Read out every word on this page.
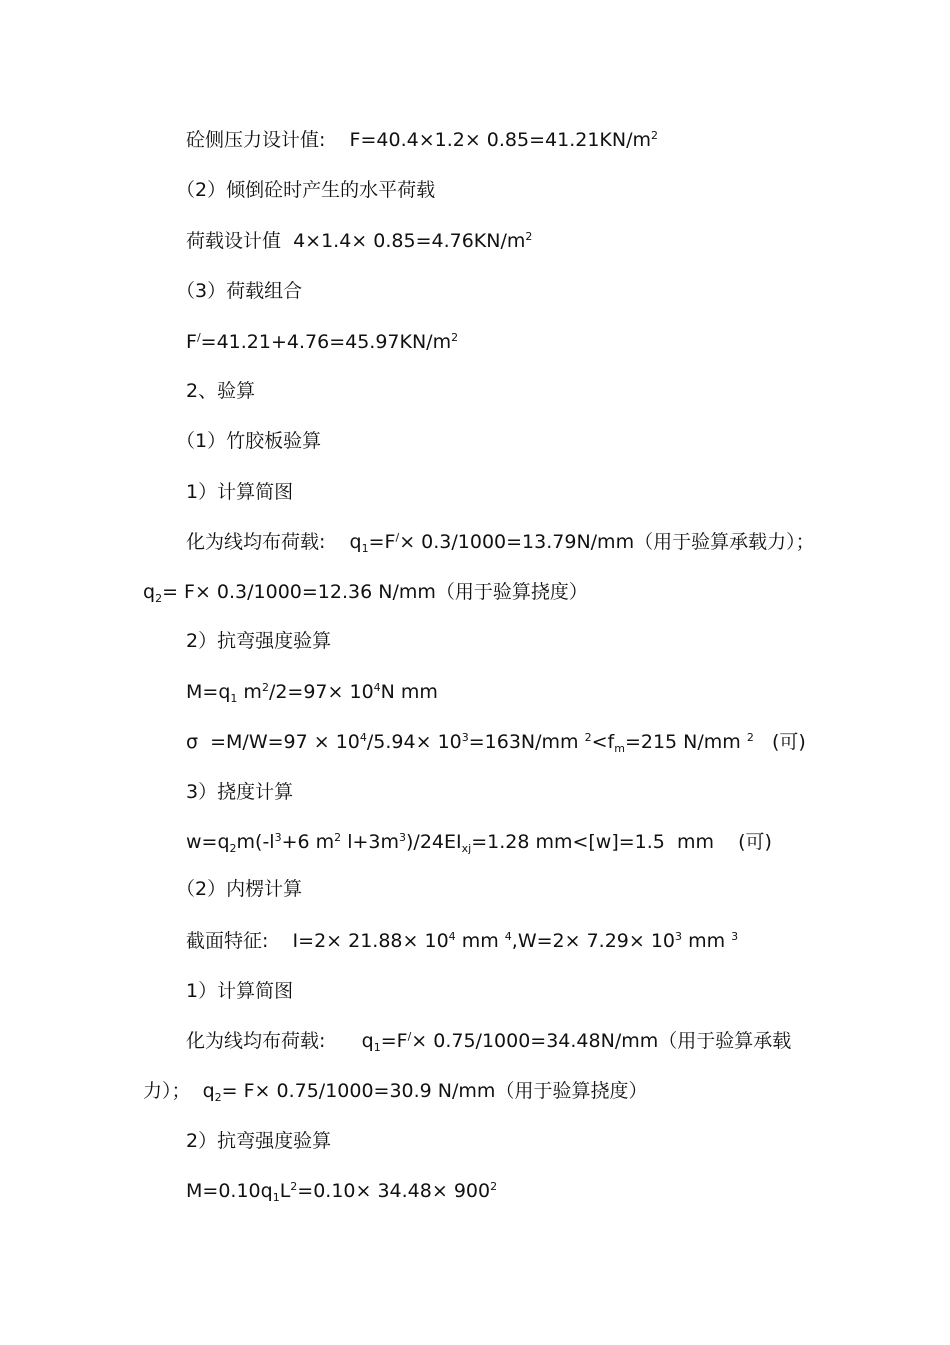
砼侧压力设计值:    $F=40.4\times 1.2\times 0.85=41.21KN/m^2$
（2）倾倒砼时产生的水平荷载
荷载设计值  $4\times 1.4\times 0.85=4.76KN/m^2$
（3）荷载组合
$F^/=41.21+4.76=45.97KN/m^2$
2、验算
（1）竹胶板验算
1）计算简图
化为线均布荷载:    $q_1=F^/\times 0.3/1000=13.79N/mm$（用于验算承载力）；
$q_2= F\times 0.3/1000=12.36$ N/mm（用于验算挠度）
2）抗弯强度验算
$M=q_1$ $m^2/2=97\times 10^4N$ mm
$\sigma =M/W=97 \times 10^4/5.94\times 10^3=163N/mm$ $^2<f_m=215$ N/mm $^2$   (可)
3）挠度计算
$w=q_2m(-l^3+6$ $m^2$ $l+3m^3)/24EI_{xj}=1.28$ mm<[w]=1.5  mm    (可)
（2）内楞计算
截面特征:    $I=2\times 21.88\times 10^4$ mm $^4,W=2\times 7.29\times 10^3$ mm $^3$
1）计算简图
化为线均布荷载:      $q_1=F^/\times 0.75/1000=34.48N/mm$（用于验算承载
力）；  $q_2= F\times 0.75/1000=30.9$ N/mm（用于验算挠度）
2）抗弯强度验算
$M=0.10q_1L^2=0.10\times 34.48\times 900^2$
